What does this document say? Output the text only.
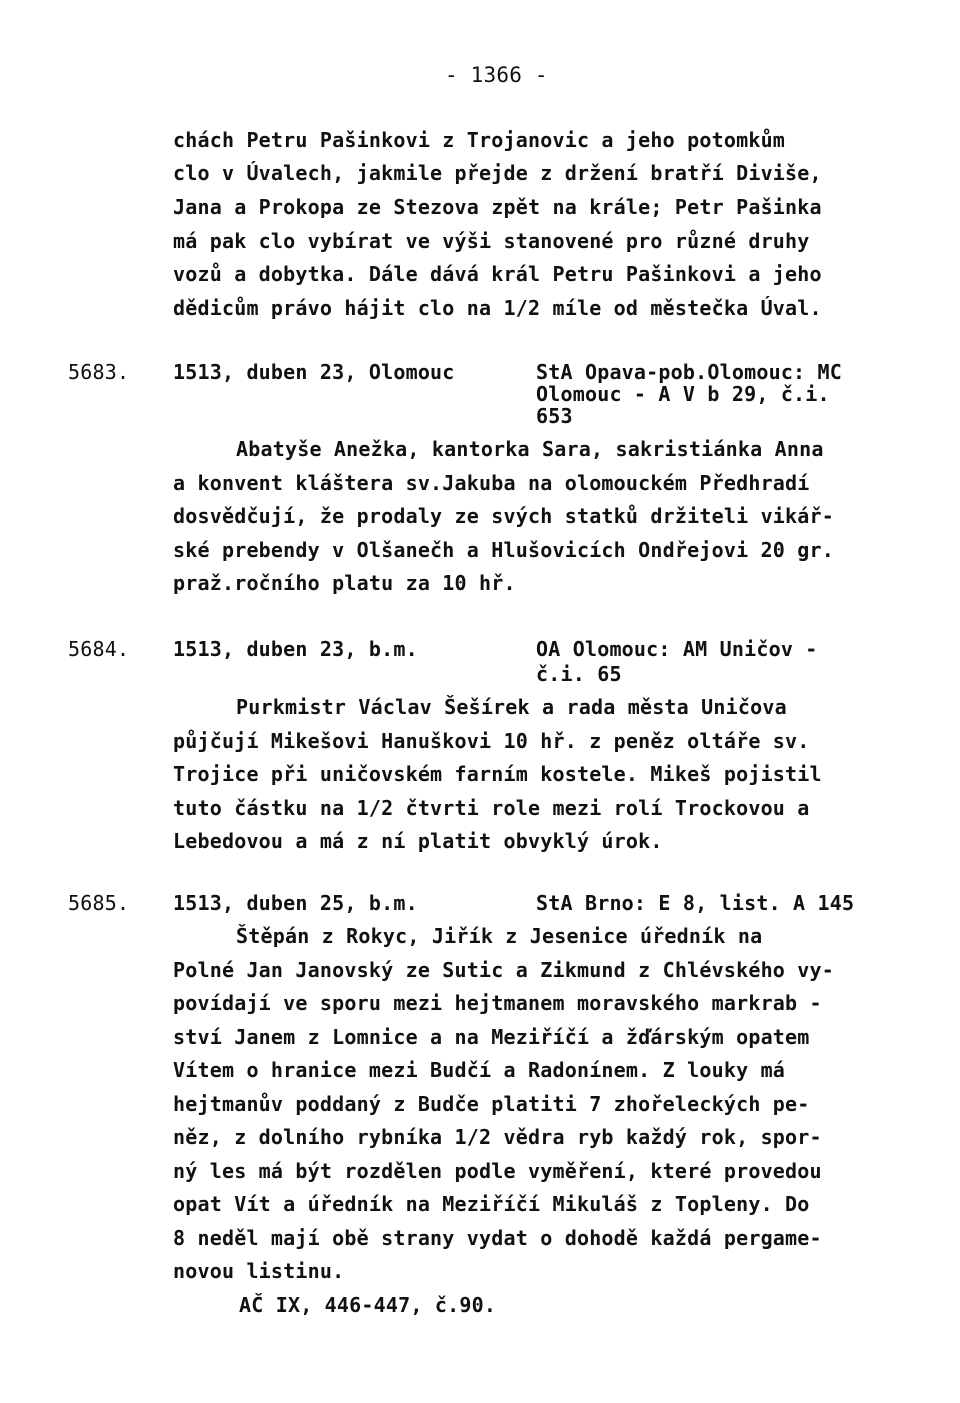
- 1366 -
chách Petru Pašinkovi z Trojanovic a jeho potomkům
clo v Úvalech, jakmile přejde z držení bratří Diviše,
Jana a Prokopa ze Stezova zpět na krále; Petr Pašinka
má pak clo vybírat ve výši stanovené pro různé druhy
vozů a dobytka. Dále dává král Petru Pašinkovi a jeho
dědicům právo hájit clo na 1/2 míle od městečka Úval.
5683. 1513, duben 23, Olomouc	StA Opava-pob.Olomouc: MC
Olomouc - A V b 29, č.i.
653
Abatyše Anežka, kantorka Sara, sakristiánka Anna
a konvent kláštera sv.Jakuba na olomouckém Předhradí
dosvědčují, že prodaly ze svých statků držiteli vikář-
ské prebendy v Olšanečh a Hlušovicích Ondřejovi 20 gr.
praž.ročního platu za 10 hř.
5684. 1513, duben 23, b.m.	OA Olomouc: AM Uničov -
č.i. 65
Purkmistr Václav Šešírek a rada města Uničova
půjčují Mikešovi Hanuškovi 10 hř. z peněz oltáře sv.
Trojice při uničovském farním kostele. Mikeš pojistil
tuto částku na 1/2 čtvrti role mezi rolí Trockovou a
Lebedovou a má z ní platit obvyklý úrok.
5685. 1513, duben 25, b.m.	StA Brno: E 8, list. A 145
Štěpán z Rokyc, Jiřík z Jesenice úředník na
Polné Jan Janovský ze Sutic a Zikmund z Chlévského vy-
povídají ve sporu mezi hejtmanem moravského markrab -
ství Janem z Lomnice a na Meziříčí a žďárským opatem
Vítem o hranice mezi Budčí a Radonínem. Z louky má
hejtmanův poddaný z Budče platiti 7 zhořeleckých pe-
něz, z dolního rybníka 1/2 vědra ryb každý rok, spor-
ný les má být rozdělen podle vyměření, které provedou
opat Vít a úředník na Meziříčí Mikuláš z Topleny. Do
8 neděl mají obě strany vydat o dohodě každá pergame-
novou listinu.
AČ IX, 446-447, č.90.
